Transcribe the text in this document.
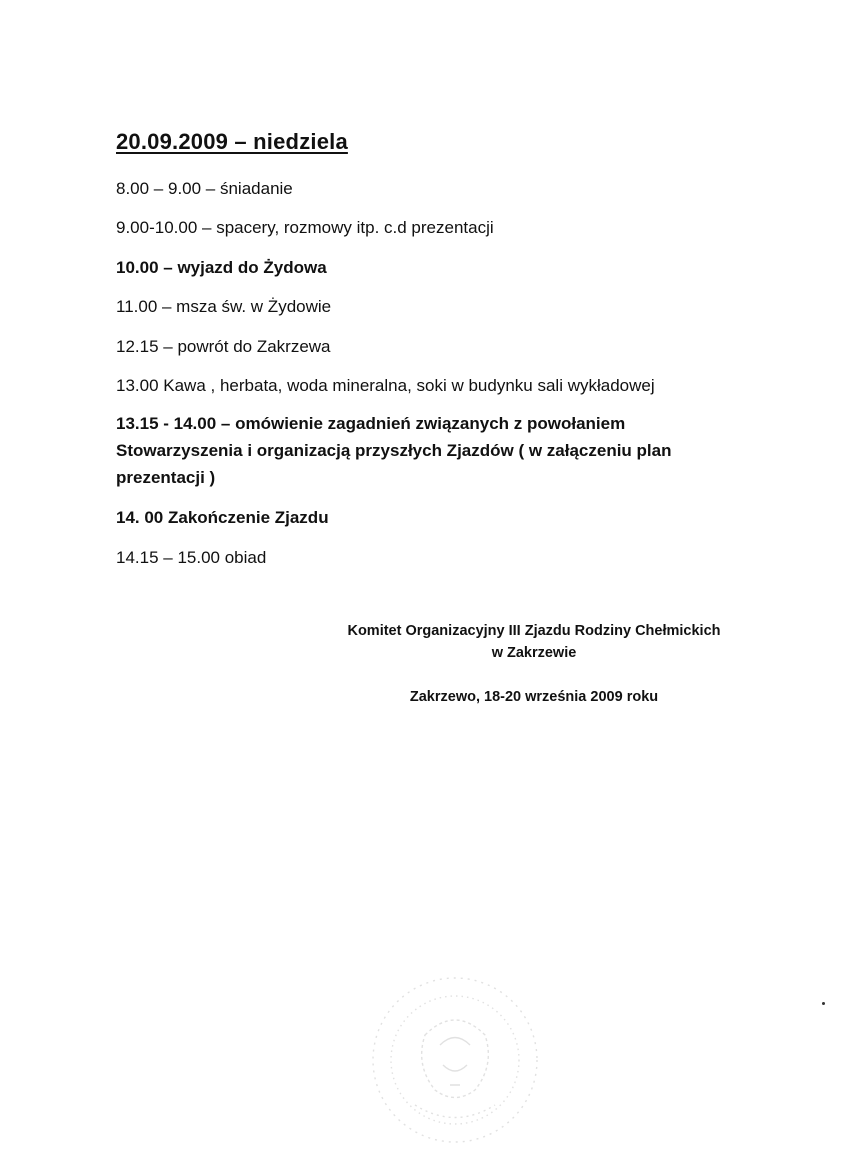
20.09.2009 – niedziela
8.00 – 9.00 – śniadanie
9.00-10.00 – spacery, rozmowy itp. c.d prezentacji
10.00 – wyjazd do Żydowa
11.00 – msza św. w Żydowie
12.15 – powrót do Zakrzewa
13.00 Kawa , herbata, woda mineralna, soki w budynku sali wykładowej
13.15 - 14.00 – omówienie zagadnień związanych z powołaniem Stowarzyszenia i organizacją przyszłych Zjazdów ( w załączeniu plan prezentacji )
14. 00 Zakończenie Zjazdu
14.15 – 15.00 obiad
Komitet Organizacyjny III Zjazdu Rodziny Chełmickich
w Zakrzewie
Zakrzewo, 18-20 września 2009 roku
